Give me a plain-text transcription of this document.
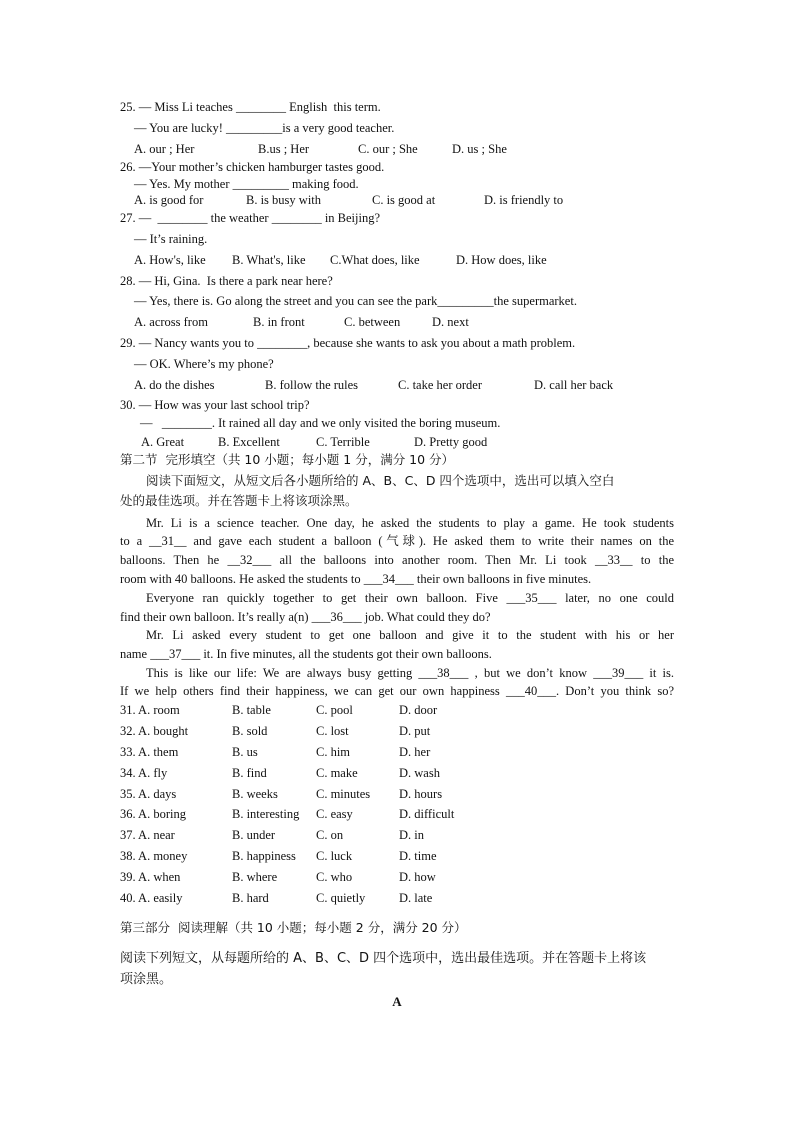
25. — Miss Li teaches ________ English  this term.
— You are lucky! _________is a very good teacher.
A. our ; Her	B.us ; Her	C. our ; She	D. us ; She
26. —Your mother’s chicken hamburger tastes good.
— Yes. My mother _________ making food.
A. is good for	B. is busy with	C. is good at	D. is friendly to
27. —  ________ the weather ________ in Beijing?
— It’s raining.
A. How's, like B. What's, like C.What does, like	D. How does, like
28. — Hi, Gina.  Is there a park near here?
— Yes, there is. Go along the street and you can see the park_________the supermarket.
A. across from	B. in front	C. between	D. next
29. — Nancy wants you to ________, because she wants to ask you about a math problem.
— OK. Where’s my phone?
A. do the dishes	B. follow the rules	C. take her order	D. call her back
30. — How was your last school trip?
—   ________. It rained all day and we only visited the boring museum.
A. Great	B. Excellent	C. Terrible	D. Pretty good
第二节  完形填空（共 10 小题；每小题 1 分，满分 10 分）
阅读下面短文，从短文后各小题所给的 A、B、C、D 四个选项中，选出可以填入空白
处的最佳选项。并在答题卡上将该项涂黑。
Mr. Li is a science teacher. One day, he asked the students to play a game. He took students
to a __31__ and gave each student a balloon (气球). He asked them to write their names on the
balloons. Then he __32___ all the balloons into another room. Then Mr. Li took __33__ to the
room with 40 balloons. He asked the students to ___34___ their own balloons in five minutes.
Everyone ran quickly together to get their own balloon. Five ___35___ later, no one could
find their own balloon. It’s really a(n) ___36___ job. What could they do?
Mr. Li asked every student to get one balloon and give it to the student with his or her
name ___37___ it. In five minutes, all the students got their own balloons.
This is like our life: We are always busy getting ___38___ , but we don’t know ___39___ it is.
If we help others find their happiness, we can get our own happiness ___40___. Don’t you think so?
31. A. room	B. table	C. pool	D. door
32. A. bought	B. sold	C. lost	D. put
33. A. them	B. us	C. him	D. her
34. A. fly	B. find	C. make	D. wash
35. A. days	B. weeks	C. minutes D. hours
36. A. boring	B. interesting C. easy	D. difficult
37. A. near	B. under	C. on	D. in
38. A. money	B. happiness C. luck	D. time
39. A. when	B. where	C. who	D. how
40. A. easily	B. hard	C. quietly	D. late
第三部分  阅读理解（共 10 小题；每小题 2 分，满分 20 分）
阅读下列短文，从每题所给的 A、B、C、D 四个选项中，选出最佳选项。并在答题卡上将该
项涂黑。
A
